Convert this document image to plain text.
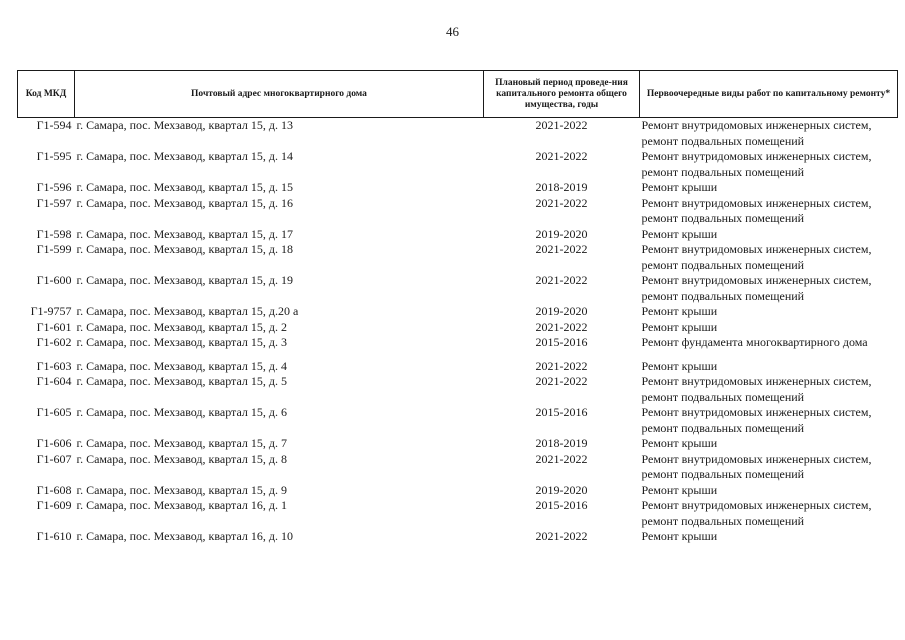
46
Код МКД	Почтовый адрес многоквартирного дома	Плановый период проведе-ния капитального ремонта общего имущества, годы	Первоочередные виды работ по капитальному ремонту*
Г1-594	г. Самара, пос. Мехзавод, квартал 15, д. 13	2021-2022	Ремонт внутридомовых инженерных систем,
ремонт подвальных помещений

Г1-595	г. Самара, пос. Мехзавод, квартал 15, д. 14	2021-2022	Ремонт внутридомовых инженерных систем,
ремонт подвальных помещений

Г1-596	г. Самара, пос. Мехзавод, квартал 15, д. 15	2018-2019	Ремонт крыши

Г1-597	г. Самара, пос. Мехзавод, квартал 15, д. 16	2021-2022	Ремонт внутридомовых инженерных систем,
ремонт подвальных помещений

Г1-598	г. Самара, пос. Мехзавод, квартал 15, д. 17	2019-2020	Ремонт крыши

Г1-599	г. Самара, пос. Мехзавод, квартал 15, д. 18	2021-2022	Ремонт внутридомовых инженерных систем,
ремонт подвальных помещений

Г1-600	г. Самара, пос. Мехзавод, квартал 15, д. 19	2021-2022	Ремонт внутридомовых инженерных систем,
ремонт подвальных помещений

Г1-9757	г. Самара, пос. Мехзавод, квартал 15, д.20 а	2019-2020	Ремонт крыши

Г1-601	г. Самара, пос. Мехзавод, квартал 15, д. 2	2021-2022	Ремонт крыши

Г1-602	г. Самара, пос. Мехзавод, квартал 15, д. 3	2015-2016	Ремонт фундамента многоквартирного дома

Г1-603	г. Самара, пос. Мехзавод, квартал 15, д. 4	2021-2022	Ремонт крыши

Г1-604	г. Самара, пос. Мехзавод, квартал 15, д. 5	2021-2022	Ремонт внутридомовых инженерных систем,
ремонт подвальных помещений

Г1-605	г. Самара, пос. Мехзавод, квартал 15, д. 6	2015-2016	Ремонт внутридомовых инженерных систем,
ремонт подвальных помещений

Г1-606	г. Самара, пос. Мехзавод, квартал 15, д. 7	2018-2019	Ремонт крыши

Г1-607	г. Самара, пос. Мехзавод, квартал 15, д. 8	2021-2022	Ремонт внутридомовых инженерных систем,
ремонт подвальных помещений

Г1-608	г. Самара, пос. Мехзавод, квартал 15, д. 9	2019-2020	Ремонт крыши

Г1-609	г. Самара, пос. Мехзавод, квартал 16, д. 1	2015-2016	Ремонт внутридомовых инженерных систем,
ремонт подвальных помещений

Г1-610	г. Самара, пос. Мехзавод, квартал 16, д. 10	2021-2022	Ремонт крыши
